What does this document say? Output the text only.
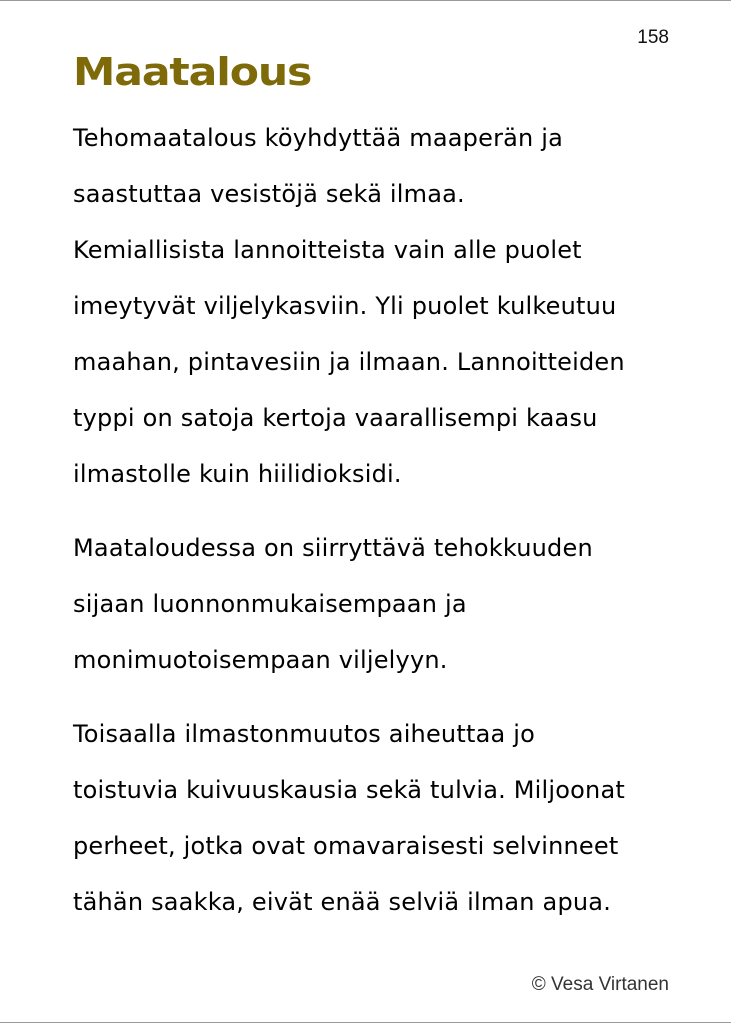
158
Maatalous

Tehomaatalous köyhdyttää maaperän ja
saastuttaa vesistöjä sekä ilmaa.
Kemiallisista lannoitteista vain alle puolet
imeytyvät viljelykasviin. Yli puolet kulkeutuu
maahan, pintavesiin ja ilmaan. Lannoitteiden
typpi on satoja kertoja vaarallisempi kaasu
ilmastolle kuin hiilidioksidi.

Maataloudessa on siirryttävä tehokkuuden
sijaan luonnonmukaisempaan ja
monimuotoisempaan viljelyyn.

Toisaalla ilmastonmuutos aiheuttaa jo
toistuvia kuivuuskausia sekä tulvia. Miljoonat
perheet, jotka ovat omavaraisesti selvinneet
tähän saakka, eivät enää selviä ilman apua.

© Vesa Virtanen
